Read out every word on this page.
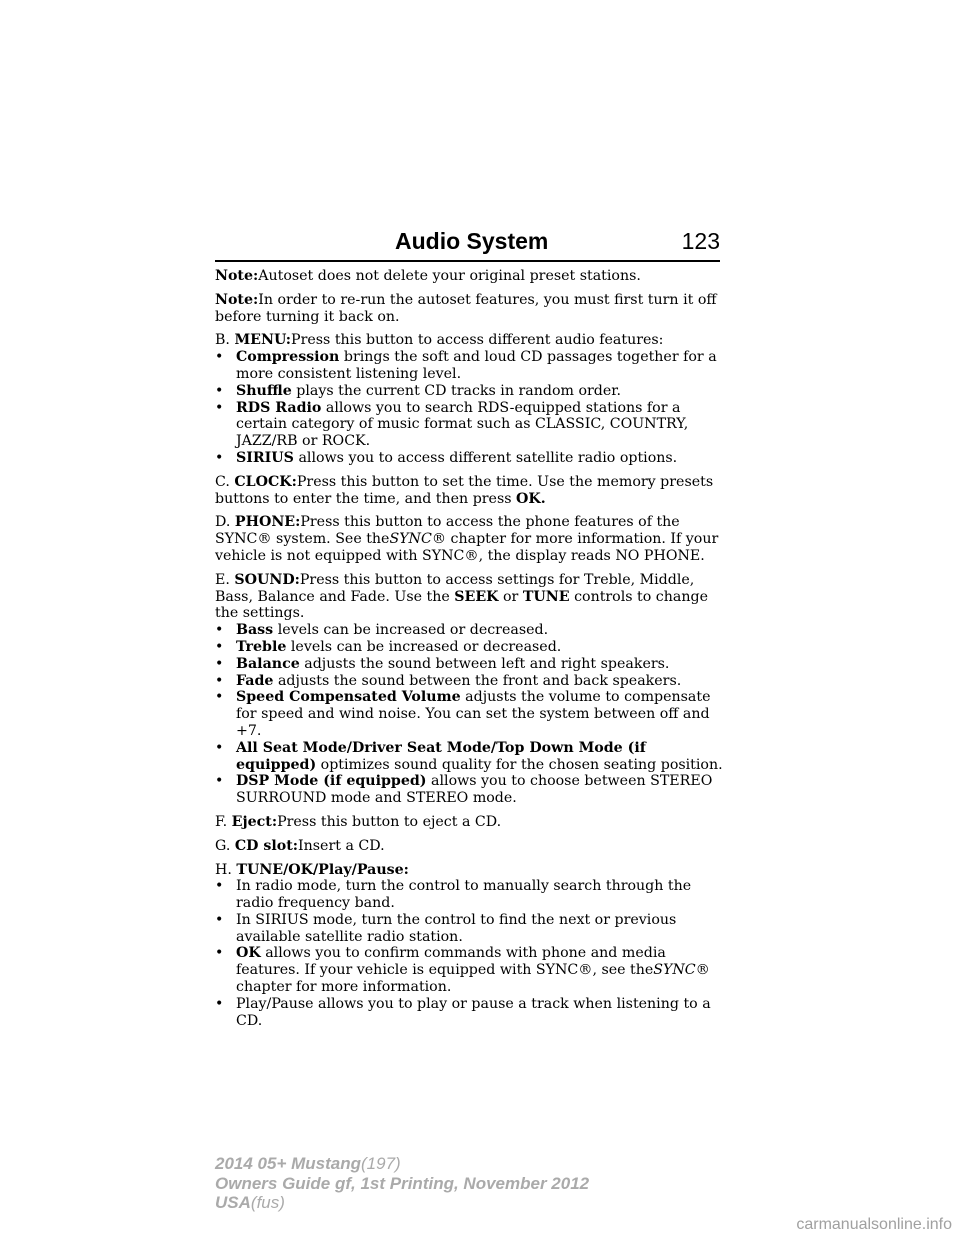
Audio System	123

Note:Autoset does not delete your original preset stations.

Note:In order to re-run the autoset features, you must first turn it off before turning it back on.

B. MENU:Press this button to access different audio features:

• Compression brings the soft and loud CD passages together for a more consistent listening level.
• Shuffle plays the current CD tracks in random order.
• RDS Radio allows you to search RDS-equipped stations for a certain category of music format such as CLASSIC, COUNTRY, JAZZ/RB or ROCK.
• SIRIUS allows you to access different satellite radio options.

C. CLOCK:Press this button to set the time. Use the memory presets buttons to enter the time, and then press OK.

D. PHONE:Press this button to access the phone features of the SYNC® system. See theSYNC® chapter for more information. If your vehicle is not equipped with SYNC®, the display reads NO PHONE.

E. SOUND:Press this button to access settings for Treble, Middle, Bass, Balance and Fade. Use the SEEK or TUNE controls to change the settings.

• Bass levels can be increased or decreased.
• Treble levels can be increased or decreased.
• Balance adjusts the sound between left and right speakers.
• Fade adjusts the sound between the front and back speakers.
• Speed Compensated Volume adjusts the volume to compensate for speed and wind noise. You can set the system between off and +7.
• All Seat Mode/Driver Seat Mode/Top Down Mode (if equipped) optimizes sound quality for the chosen seating position.
• DSP Mode (if equipped) allows you to choose between STEREO SURROUND mode and STEREO mode.

F. Eject:Press this button to eject a CD.

G. CD slot:Insert a CD.

H. TUNE/OK/Play/Pause:

• In radio mode, turn the control to manually search through the radio frequency band.
• In SIRIUS mode, turn the control to find the next or previous available satellite radio station.
• OK allows you to confirm commands with phone and media features. If your vehicle is equipped with SYNC®, see theSYNC® chapter for more information.
• Play/Pause allows you to play or pause a track when listening to a CD.
2014 05+ Mustang(197)
Owners Guide gf, 1st Printing, November 2012
USA(fus)
carmanualsonline.info
